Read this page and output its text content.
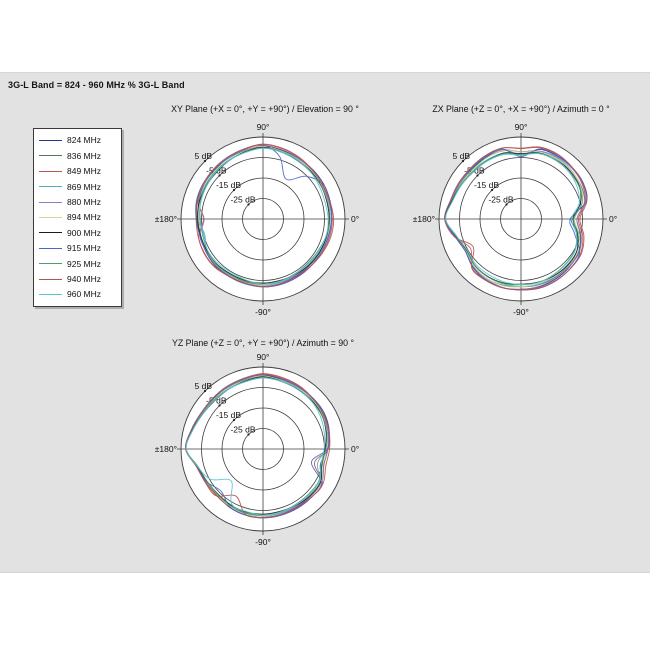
3G-L Band = 824 - 960 MHz % 3G-L Band
824 MHz
836 MHz
849 MHz
869 MHz
880 MHz
894 MHz
900 MHz
915 MHz
925 MHz
940 MHz
960 MHz
XY Plane (+X = 0°, +Y = +90°) / Elevation = 90 °	ZX Plane (+Z = 0°, +X = +90°) / Azimuth = 0 °
YZ Plane (+Z = 0°, +Y = +90°) / Azimuth = 90 °
90°
-90°
0°
±180°
5 dB
-5 dB
-15 dB
-25 dB
90°
-90°
0°
±180°
5 dB
-5 dB
-15 dB
-25 dB
90°
-90°
0°
±180°
5 dB
-5 dB
-15 dB
-25 dB
